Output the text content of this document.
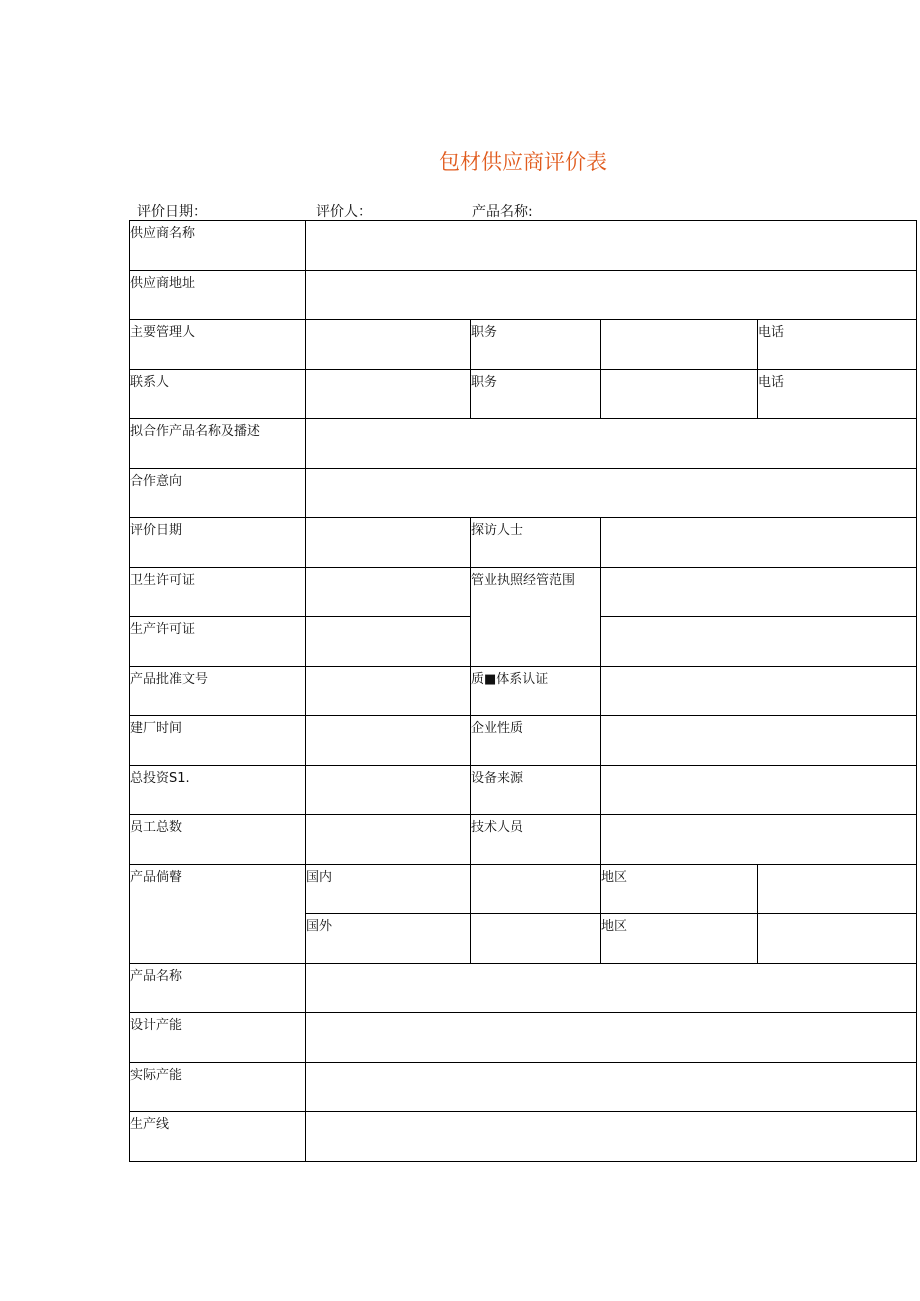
包材供应商评价表
评价日期：	评价人：	产品名称:
供应商名称				
供应商地址				
主要管理人		职务		电话
联系人		职务		电话
拟合作产品名称及播述				
合作意向				
评价日期		探访人士		
卫生许可证		管业执照经管范围		
生产许可证				
产品批准文号		质■体系认证		
建厂时间		企业性质		
总投资S1.		设备来源		
员工总数		技术人员		
产品倘瞽	国内		地区	
	国外		地区	
产品名称				
设计产能				
实际产能				
生产线				
